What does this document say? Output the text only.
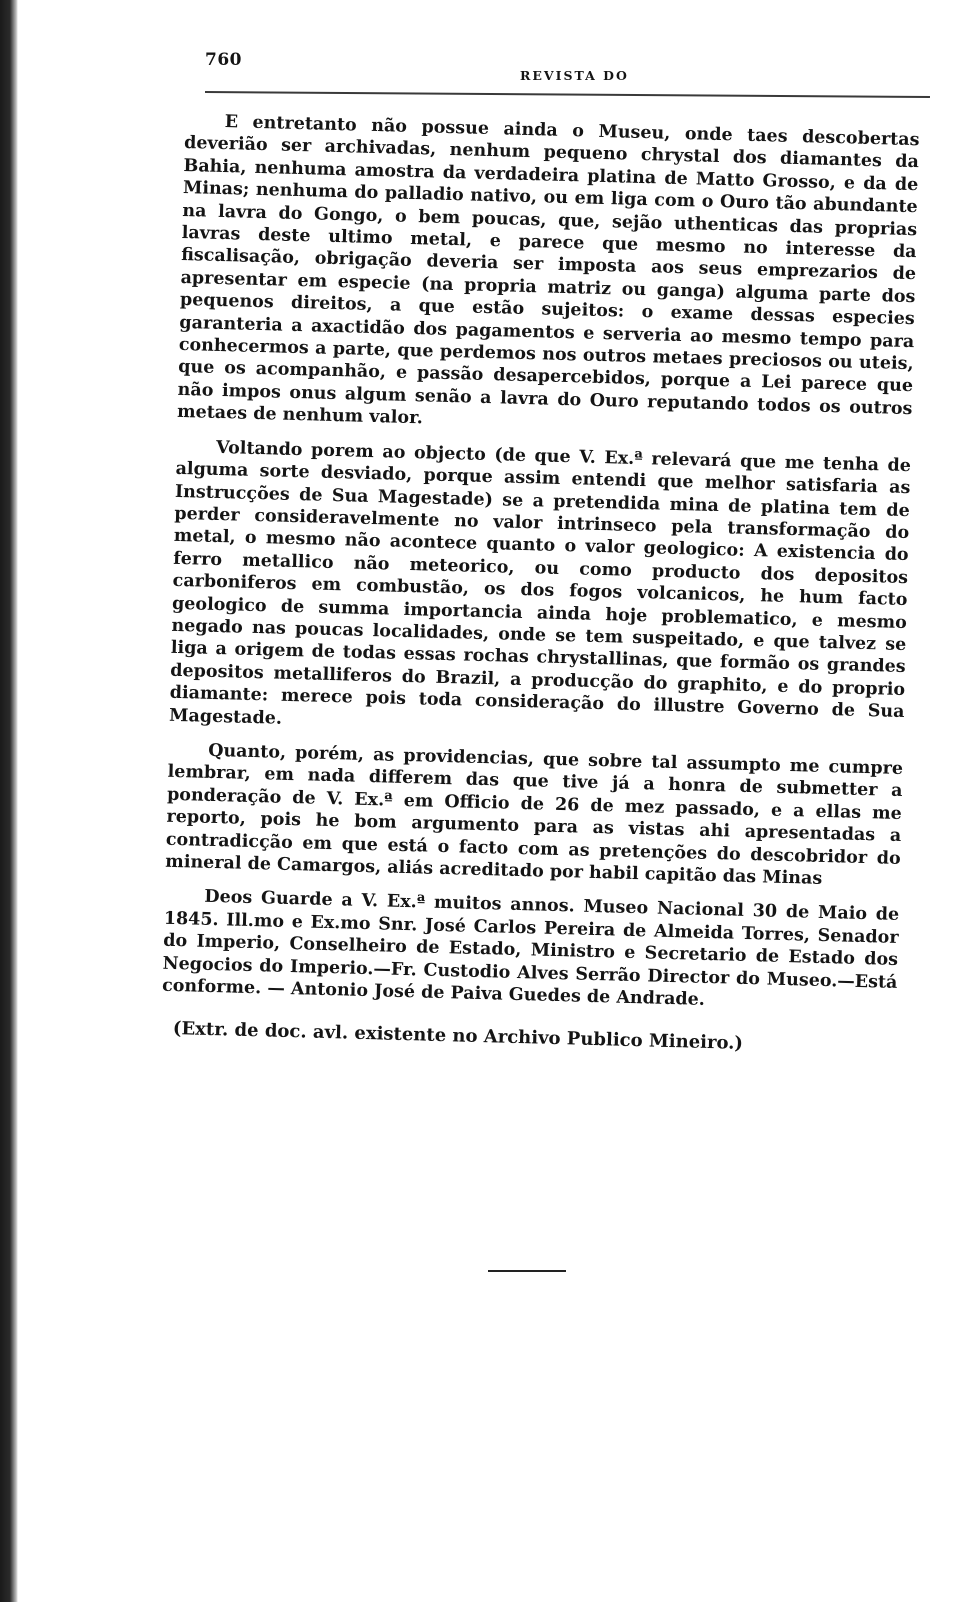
760
REVISTA DO

E entretanto não possue ainda o Museu, onde taes descobertas deverião ser archivadas, nenhum pequeno chrystal dos diamantes da Bahia, nenhuma amostra da verdadeira platina de Matto Grosso, e da de Minas; nenhuma do palladio nativo, ou em liga com o Ouro tão abundante na lavra do Gongo, o bem poucas, que, sejão uthenticas das proprias lavras deste ultimo metal, e parece que mesmo no interesse da fiscalisação, obrigação deveria ser imposta aos seus emprezarios de apresentar em especie (na propria matriz ou ganga) alguma parte dos pequenos direitos, a que estão sujeitos: o exame dessas especies garanteria a axactidão dos pagamentos e serveria ao mesmo tempo para conhecermos a parte, que perdemos nos outros metaes preciosos ou uteis, que os acompanhão, e passão desapercebidos, porque a Lei parece que não impos onus algum senão a lavra do Ouro reputando todos os outros metaes de nenhum valor.

Voltando porem ao objecto (de que V. Ex.ª relevará que me tenha de alguma sorte desviado, porque assim entendi que melhor satisfaria as Instrucções de Sua Magestade) se a pretendida mina de platina tem de perder consideravelmente no valor intrinseco pela transformação do metal, o mesmo não acontece quanto o valor geologico: A existencia do ferro metallico não meteorico, ou como producto dos depositos carboniferos em combustão, os dos fogos volcanicos, he hum facto geologico de summa importancia ainda hoje problematico, e mesmo negado nas poucas localidades, onde se tem suspeitado, e que talvez se liga a origem de todas essas rochas chrystallinas, que formão os grandes depositos metalliferos do Brazil, a producção do graphito, e do proprio diamante: merece pois toda consideração do illustre Governo de Sua Magestade.

Quanto, porém, as providencias, que sobre tal assumpto me cumpre lembrar, em nada differem das que tive já a honra de submetter a ponderação de V. Ex.ª em Officio de 26 de mez passado, e a ellas me reporto, pois he bom argumento para as vistas ahi apresentadas a contradicção em que está o facto com as pretenções do descobridor do mineral de Camargos, aliás acreditado por habil capitão das Minas

Deos Guarde a V. Ex.ª muitos annos. Museo Nacional 30 de Maio de 1845. Ill.mo e Ex.mo Snr. José Carlos Pereira de Almeida Torres, Senador do Imperio, Conselheiro de Estado, Ministro e Secretario de Estado dos Negocios do Imperio.—Fr. Custodio Alves Serrão Director do Museo.—Está conforme. — Antonio José de Paiva Guedes de Andrade.

(Extr. de doc. avl. existente no Archivo Publico Mineiro.)
